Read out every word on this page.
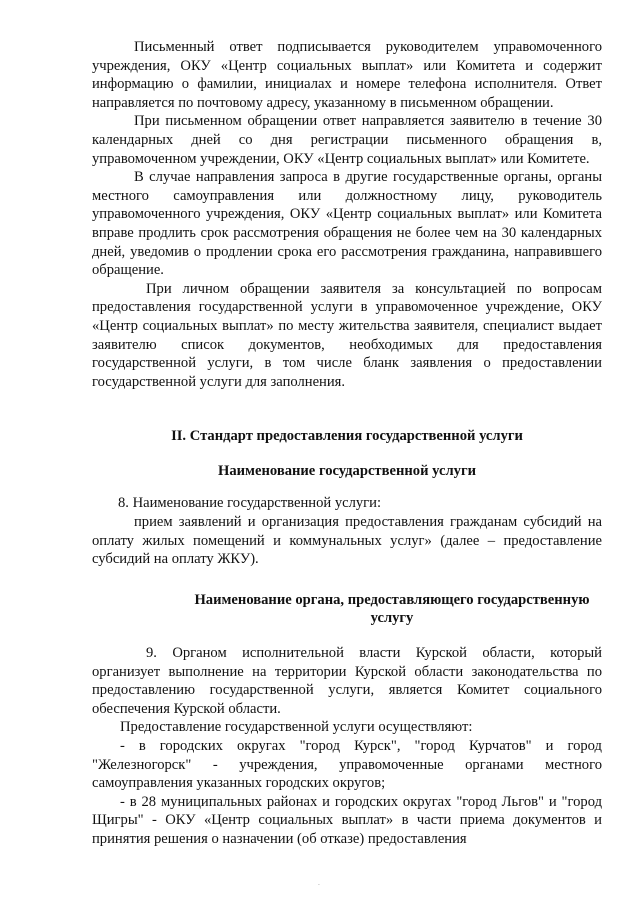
Письменный ответ подписывается руководителем управомоченного учреждения, ОКУ «Центр социальных выплат» или Комитета и содержит информацию о фамилии, инициалах и номере телефона исполнителя. Ответ направляется по почтовому адресу, указанному в письменном обращении.

При письменном обращении ответ направляется заявителю в течение 30 календарных дней со дня регистрации письменного обращения в, управомоченном учреждении, ОКУ «Центр социальных выплат» или Комитете.

В случае направления запроса в другие государственные органы, органы местного самоуправления или должностному лицу, руководитель управомоченного учреждения, ОКУ «Центр социальных выплат» или Комитета вправе продлить срок рассмотрения обращения не более чем на 30 календарных дней, уведомив о продлении срока его рассмотрения гражданина, направившего обращение.

При личном обращении заявителя за консультацией по вопросам предоставления государственной услуги в управомоченное учреждение, ОКУ «Центр социальных выплат» по месту жительства заявителя, специалист выдает заявителю список документов, необходимых для предоставления государственной услуги, в том числе бланк заявления о предоставлении государственной услуги для заполнения.

II. Стандарт предоставления государственной услуги
Наименование государственной услуги

8. Наименование государственной услуги:

прием заявлений и организация предоставления гражданам субсидий на оплату жилых помещений и коммунальных услуг» (далее – предоставление субсидий на оплату ЖКУ).

Наименование органа, предоставляющего государственную услугу

9. Органом исполнительной власти Курской области, который организует выполнение на территории Курской области законодательства по предоставлению государственной услуги, является Комитет социального обеспечения Курской области.

Предоставление государственной услуги осуществляют:

- в городских округах "город Курск", "город Курчатов" и город "Железногорск" - учреждения, управомоченные органами местного самоуправления указанных городских округов;

- в 28 муниципальных районах и городских округах "город Льгов" и "город Щигры" - ОКУ «Центр социальных выплат» в части приема документов и принятия решения о назначении (об отказе) предоставления

·
